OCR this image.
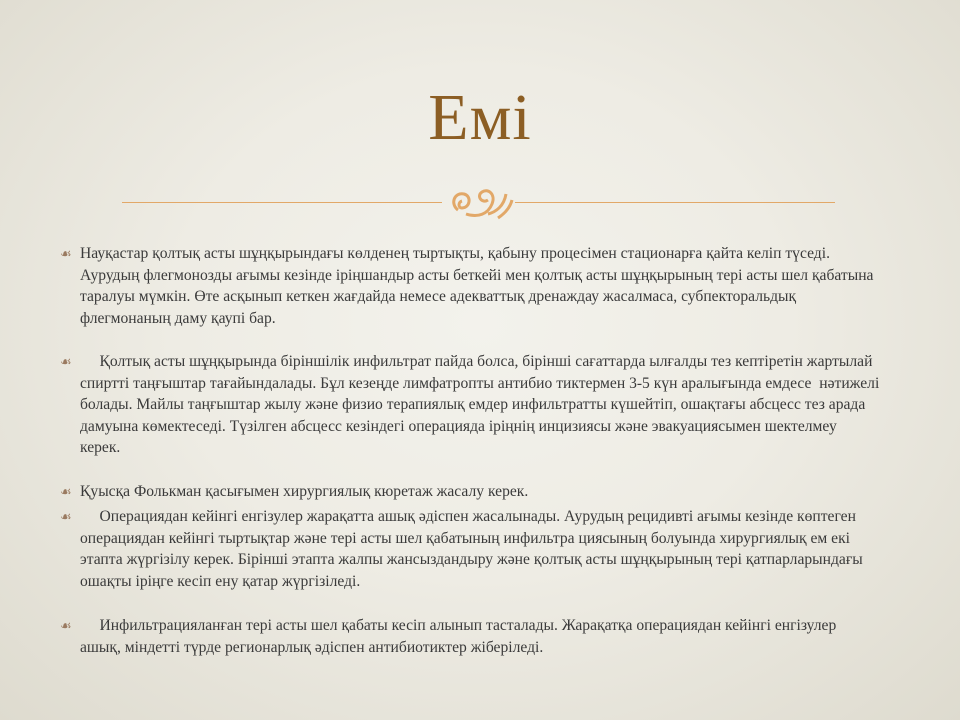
Емі
☙ Науқастар қолтық асты шұңқырындағы көлденең тыртықты, қабыну процесімен стационарға қайта келіп түседі. Аурудың флегмонозды ағымы кезінде іріңшандыр асты беткейі мен қолтық асты шұңқырының тері асты шел қабатына таралуы мүмкін. Өте асқынып кеткен жағдайда немесе адекваттық дренаждау жасалмаса, субпекторальдық флегмонаның даму қаупі бар.
☙ Қолтық асты шұңқырында біріншілік инфильтрат пайда болса, бірінші сағаттарда ылғалды тез кептіретін жартылай спиртті таңғыштар тағайындалады. Бұл кезеңде лимфатропты антибио тиктермен 3-5 күн аралығында емдесе  нәтижелі болады. Майлы таңғыштар жылу және физио терапиялық емдер инфильтратты күшейтіп, ошақтағы абсцесс тез арада  дамуына көмектеседі. Түзілген абсцесс кезіндегі операцияда іріңнің инцизиясы және эвакуациясымен шектелмеу керек.
☙ Қуысқа Фолькман қасығымен хирургиялық кюретаж жасалу керек.
☙ Операциядан кейінгі енгізулер жарақатта ашық әдіспен жасалынады. Аурудың рецидивті ағымы кезінде көптеген операциядан кейінгі тыртықтар және тері асты шел қабатының инфильтра циясының болуында хирургиялық ем екі этапта жүргізілу керек. Бірінші этапта жалпы жансыздандыру және қолтық асты шұңқырының тері қатпарларындағы ошақты іріңге кесіп ену қатар жүргізіледі.
☙ Инфильтрацияланған тері асты шел қабаты кесіп алынып тасталады. Жарақатқа операциядан кейінгі енгізулер ашық, міндетті түрде регионарлық әдіспен антибиотиктер жіберіледі.
